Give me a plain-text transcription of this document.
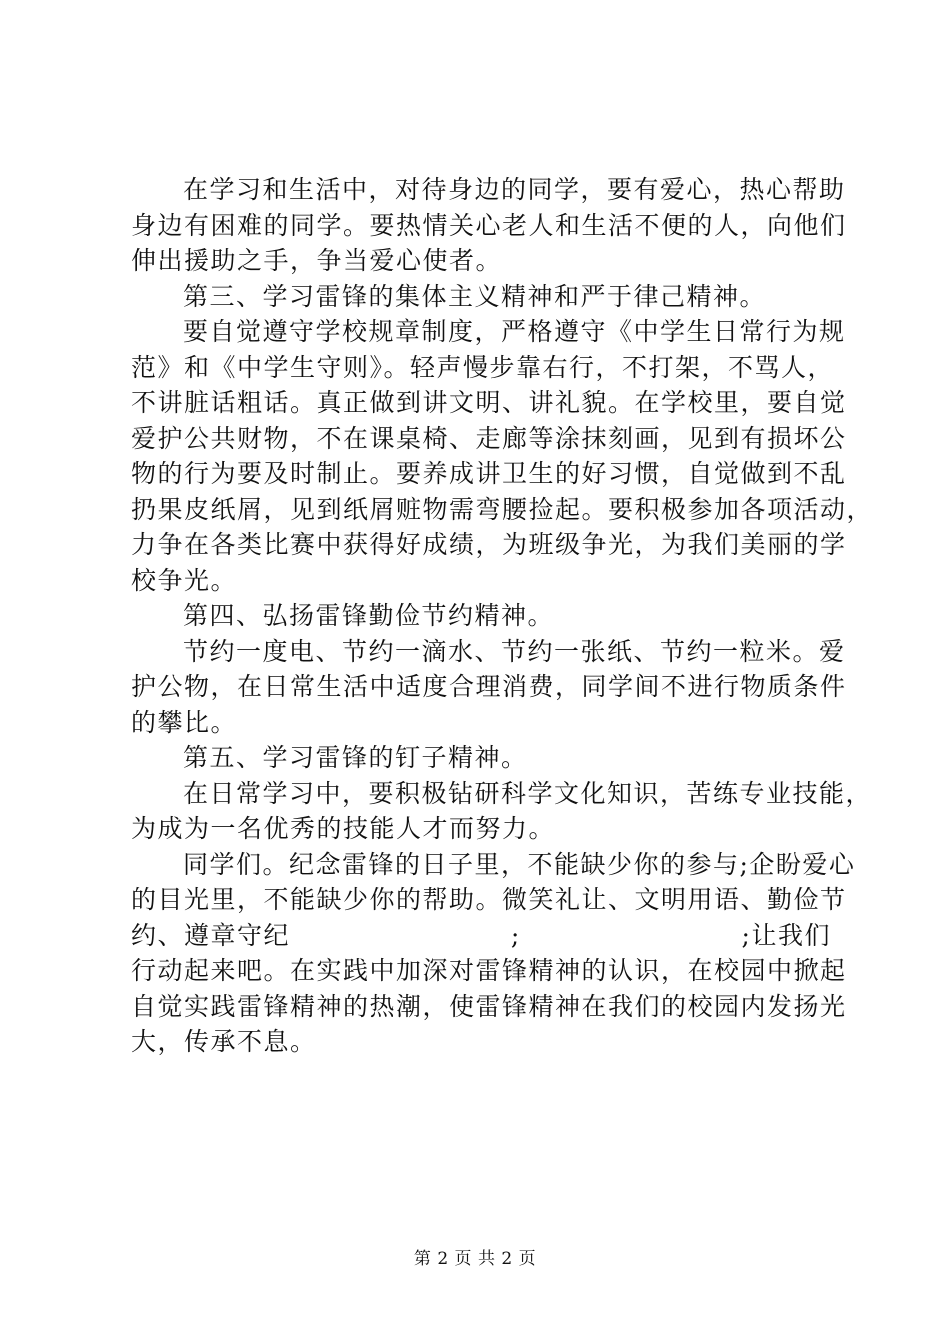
在学习和生活中，对待身边的同学，要有爱心，热心帮助
身边有困难的同学。要热情关心老人和生活不便的人，向他们
伸出援助之手，争当爱心使者。

第三、学习雷锋的集体主义精神和严于律己精神。

要自觉遵守学校规章制度，严格遵守《中学生日常行为规
范》和《中学生守则》。轻声慢步靠右行，不打架，不骂人，
不讲脏话粗话。真正做到讲文明、讲礼貌。在学校里，要自觉
爱护公共财物，不在课桌椅、走廊等涂抹刻画，见到有损坏公
物的行为要及时制止。要养成讲卫生的好习惯，自觉做到不乱
扔果皮纸屑，见到纸屑赃物需弯腰捡起。要积极参加各项活动，
力争在各类比赛中获得好成绩，为班级争光，为我们美丽的学
校争光。

第四、弘扬雷锋勤俭节约精神。

节约一度电、节约一滴水、节约一张纸、节约一粒米。爱
护公物，在日常生活中适度合理消费，同学间不进行物质条件
的攀比。

第五、学习雷锋的钉子精神。

在日常学习中，要积极钻研科学文化知识，苦练专业技能，
为成为一名优秀的技能人才而努力。

同学们。纪念雷锋的日子里，不能缺少你的参与;企盼爱心
的目光里，不能缺少你的帮助。微笑礼让、文明用语、勤俭节
约、遵章守纪	;	;让我们
行动起来吧。在实践中加深对雷锋精神的认识，在校园中掀起
自觉实践雷锋精神的热潮，使雷锋精神在我们的校园内发扬光
大，传承不息。

第 2 页 共 2 页
